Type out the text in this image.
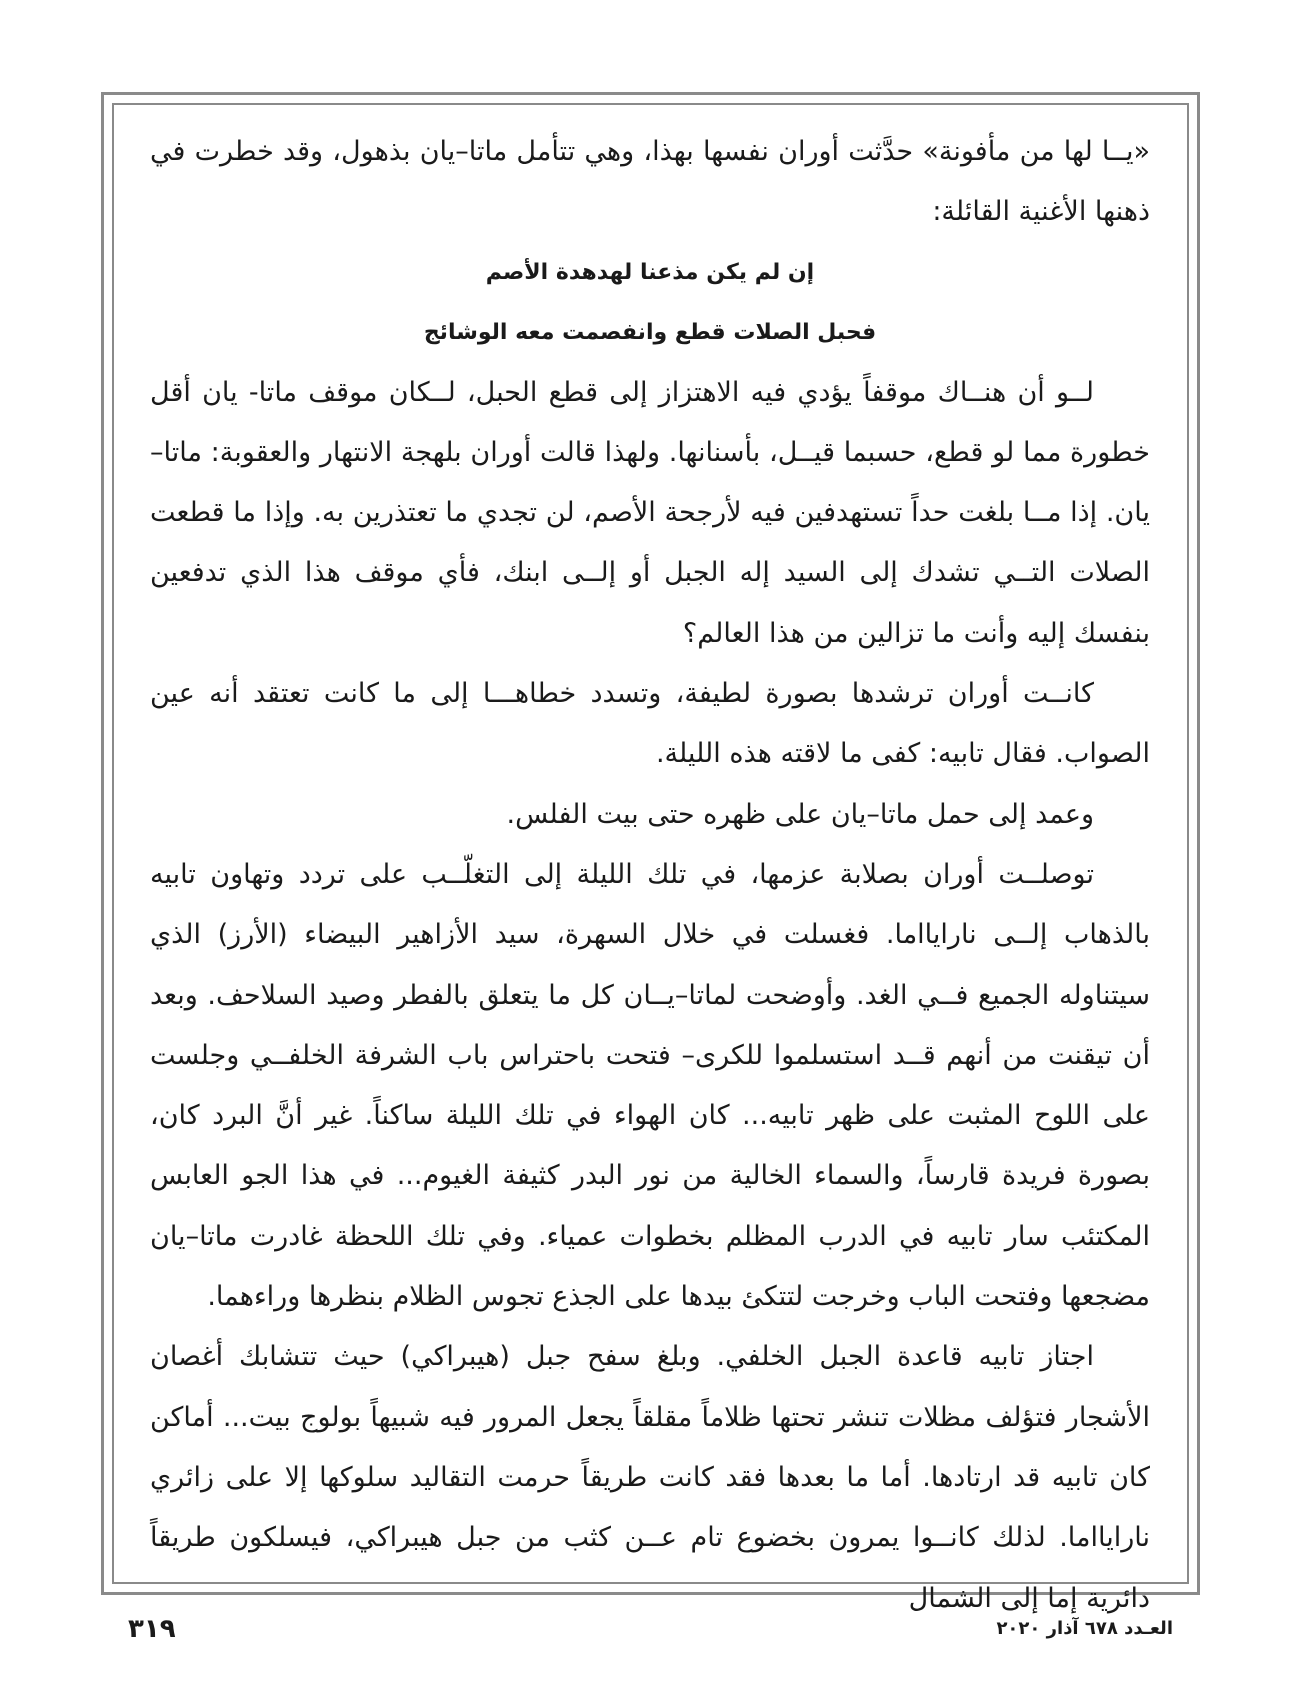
«يــا لها من مأفونة» حدَّثت أوران نفسها بهذا، وهي تتأمل ماتا–يان بذهول، وقد خطرت في ذهنها الأغنية القائلة:

إن لم يكن مذعنا لهدهدة الأصم
فحبل الصلات قطع وانفصمت معه الوشائج

لــو أن هنــاك موقفاً يؤدي فيه الاهتزاز إلى قطع الحبل، لــكان موقف ماتا- يان أقل خطورة مما لو قطع، حسبما قيــل، بأسنانها. ولهذا قالت أوران بلهجة الانتهار والعقوبة: ماتا–يان. إذا مــا بلغت حداً تستهدفين فيه لأرجحة الأصم، لن تجدي ما تعتذرين به. وإذا ما قطعت الصلات التــي تشدك إلى السيد إله الجبل أو إلــى ابنك، فأي موقف هذا الذي تدفعين بنفسك إليه وأنت ما تزالين من هذا العالم؟

كانــت أوران ترشدها بصورة لطيفة، وتسدد خطاهـــا إلى ما كانت تعتقد أنه عين الصواب. فقال تابيه: كفى ما لاقته هذه الليلة.

وعمد إلى حمل ماتا–يان على ظهره حتى بيت الفلس.

توصلــت أوران بصلابة عزمها، في تلك الليلة إلى التغلّــب على تردد وتهاون تابيه بالذهاب إلــى نارايااما. فغسلت في خلال السهرة، سيد الأزاهير البيضاء (الأرز) الذي سيتناوله الجميع فــي الغد. وأوضحت لماتا–يــان كل ما يتعلق بالفطر وصيد السلاحف. وبعد أن تيقنت من أنهم قــد استسلموا للكرى– فتحت باحتراس باب الشرفة الخلفــي وجلست على اللوح المثبت على ظهر تابيه... كان الهواء في تلك الليلة ساكناً. غير أنَّ البرد كان، بصورة فريدة قارساً، والسماء الخالية من نور البدر كثيفة الغيوم... في هذا الجو العابس المكتئب سار تابيه في الدرب المظلم بخطوات عمياء. وفي تلك اللحظة غادرت ماتا–يان مضجعها وفتحت الباب وخرجت لتتكئ بيدها على الجذع تجوس الظلام بنظرها وراءهما.

اجتاز تابيه قاعدة الجبل الخلفي. وبلغ سفح جبل (هيبراكي) حيث تتشابك أغصان الأشجار فتؤلف مظلات تنشر تحتها ظلاماً مقلقاً يجعل المرور فيه شبيهاً بولوج بيت... أماكن كان تابيه قد ارتادها. أما ما بعدها فقد كانت طريقاً حرمت التقاليد سلوكها إلا على زائري نارايااما. لذلك كانــوا يمرون بخضوع تام عــن كثب من جبل هيبراكي، فيسلكون طريقاً دائرية إما إلى الشمال

٣١٩	العـدد ٦٧٨ آذار ٢٠٢٠
